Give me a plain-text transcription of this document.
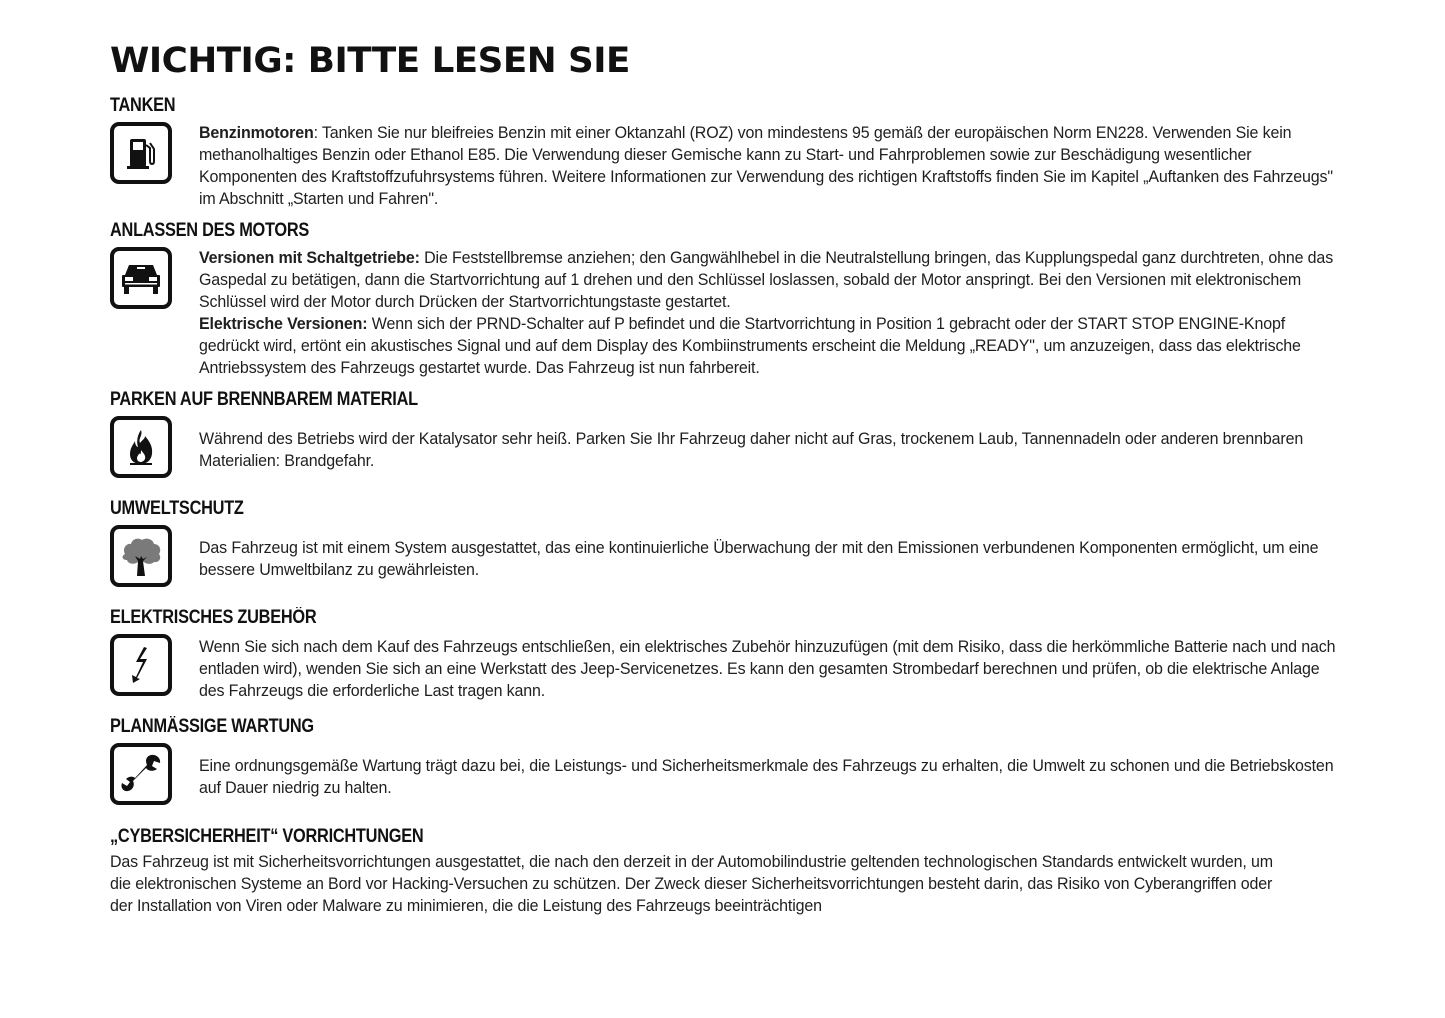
WICHTIG: BITTE LESEN SIE
TANKEN

Benzinmotoren: Tanken Sie nur bleifreies Benzin mit einer Oktanzahl (ROZ) von mindestens 95 gemäß der europäischen Norm EN228. Verwenden Sie kein methanolhaltiges Benzin oder Ethanol E85. Die Verwendung dieser Gemische kann zu Start- und Fahrproblemen sowie zur Beschädigung wesentlicher Komponenten des Kraftstoffzufuhrsystems führen. Weitere Informationen zur Verwendung des richtigen Kraftstoffs finden Sie im Kapitel „Auftanken des Fahrzeugs" im Abschnitt „Starten und Fahren".

ANLASSEN DES MOTORS

Versionen mit Schaltgetriebe: Die Feststellbremse anziehen; den Gangwählhebel in die Neutralstellung bringen, das Kupplungspedal ganz durchtreten, ohne das Gaspedal zu betätigen, dann die Startvorrichtung auf 1 drehen und den Schlüssel loslassen, sobald der Motor anspringt. Bei den Versionen mit elektronischem Schlüssel wird der Motor durch Drücken der Startvorrichtungstaste gestartet.

Elektrische Versionen: Wenn sich der PRND-Schalter auf P befindet und die Startvorrichtung in Position 1 gebracht oder der START STOP ENGINE-Knopf gedrückt wird, ertönt ein akustisches Signal und auf dem Display des Kombiinstruments erscheint die Meldung „READY", um anzuzeigen, dass das elektrische Antriebssystem des Fahrzeugs gestartet wurde. Das Fahrzeug ist nun fahrbereit.

PARKEN AUF BRENNBAREM MATERIAL

Während des Betriebs wird der Katalysator sehr heiß. Parken Sie Ihr Fahrzeug daher nicht auf Gras, trockenem Laub, Tannennadeln oder anderen brennbaren Materialien: Brandgefahr.

UMWELTSCHUTZ

Das Fahrzeug ist mit einem System ausgestattet, das eine kontinuierliche Überwachung der mit den Emissionen verbundenen Komponenten ermöglicht, um eine bessere Umweltbilanz zu gewährleisten.

ELEKTRISCHES ZUBEHÖR

Wenn Sie sich nach dem Kauf des Fahrzeugs entschließen, ein elektrisches Zubehör hinzuzufügen (mit dem Risiko, dass die herkömmliche Batterie nach und nach entladen wird), wenden Sie sich an eine Werkstatt des Jeep-Servicenetzes. Es kann den gesamten Strombedarf berechnen und prüfen, ob die elektrische Anlage des Fahrzeugs die erforderliche Last tragen kann.

PLANMÄSSIGE WARTUNG

Eine ordnungsgemäße Wartung trägt dazu bei, die Leistungs- und Sicherheitsmerkmale des Fahrzeugs zu erhalten, die Umwelt zu schonen und die Betriebskosten auf Dauer niedrig zu halten.

„CYBERSICHERHEIT“ VORRICHTUNGEN

Das Fahrzeug ist mit Sicherheitsvorrichtungen ausgestattet, die nach den derzeit in der Automobilindustrie geltenden technologischen Standards entwickelt wurden, um die elektronischen Systeme an Bord vor Hacking-Versuchen zu schützen. Der Zweck dieser Sicherheitsvorrichtungen besteht darin, das Risiko von Cyberangriffen oder der Installation von Viren oder Malware zu minimieren, die die Leistung des Fahrzeugs beeinträchtigen
